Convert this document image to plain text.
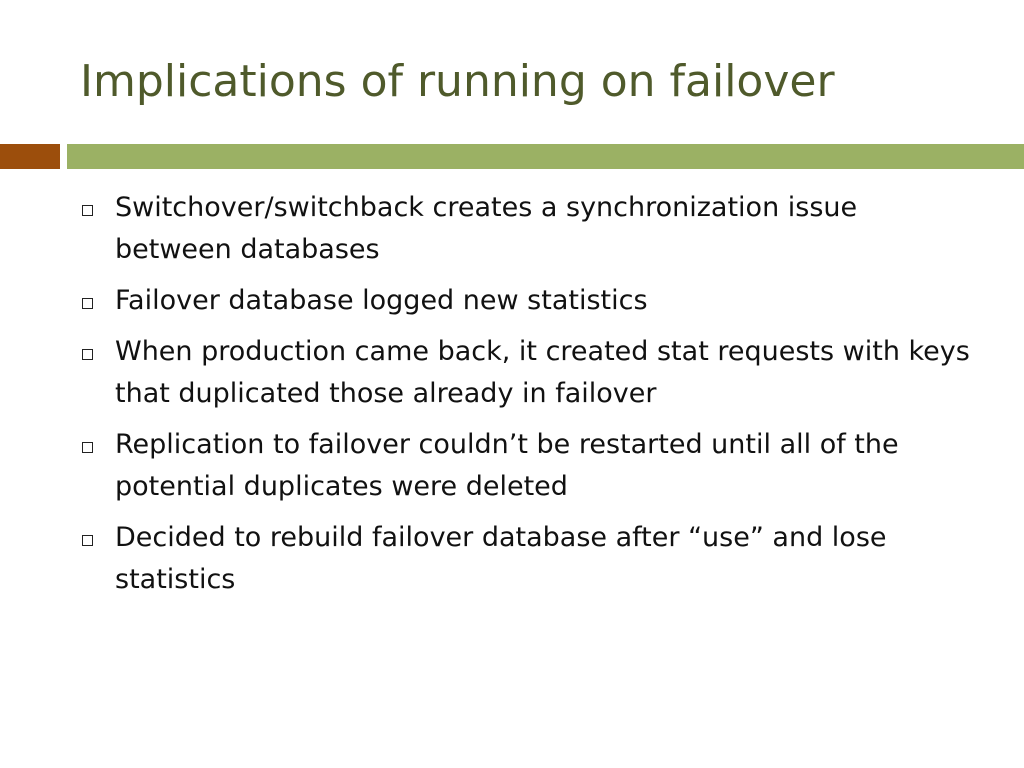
Implications of running on failover
Switchover/switchback creates a synchronization issue between databases
Failover database logged new statistics
When production came back, it created stat requests with keys that duplicated those already in failover
Replication to failover couldn’t be restarted until all of the potential duplicates were deleted
Decided to rebuild failover database after “use” and lose statistics
